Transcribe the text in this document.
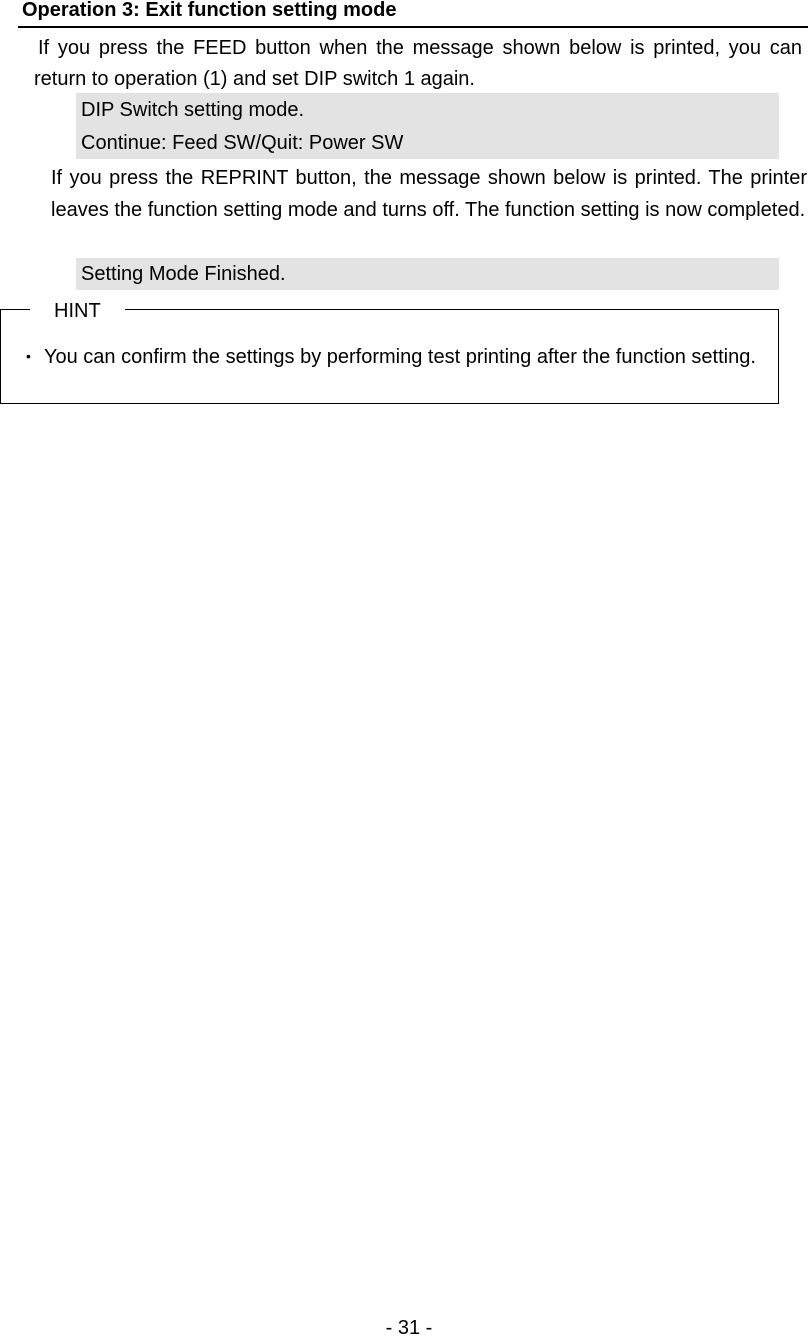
Operation 3: Exit function setting mode
If you press the FEED button when the message shown below is printed, you can return to operation (1) and set DIP switch 1 again.
DIP Switch setting mode.
Continue: Feed SW/Quit: Power SW
If you press the REPRINT button, the message shown below is printed. The printer leaves the function setting mode and turns off. The function setting is now completed.
Setting Mode Finished.
HINT
• You can confirm the settings by performing test printing after the function setting.
- 31 -
